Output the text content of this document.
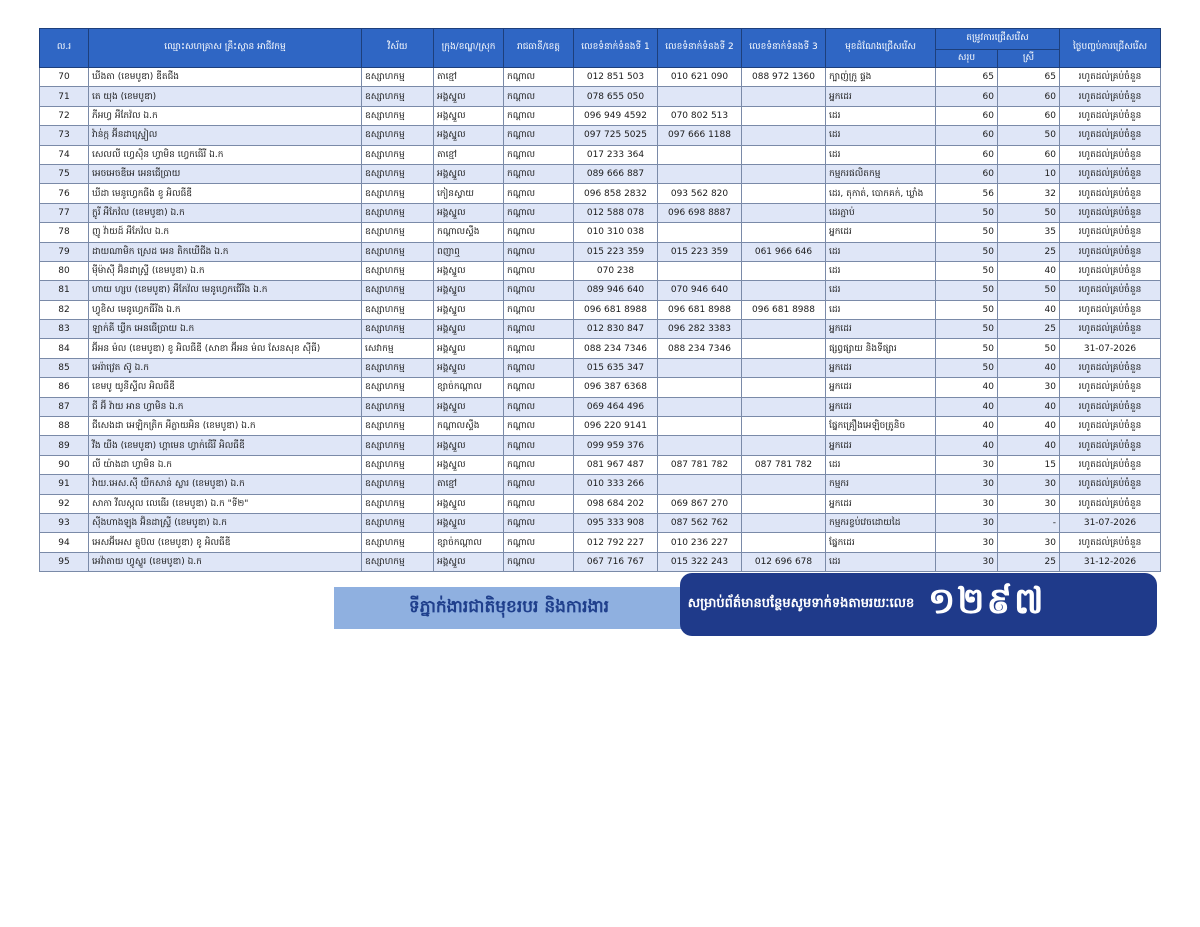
ល.រ	ឈ្មោះសហគ្រាស គ្រឹះស្ថាន អាជីវកម្ម	វិស័យ	ក្រុង/ខណ្ឌ/ស្រុក	រាជធានី/ខេត្ត	លេខទំនាក់ទំនងទី 1	លេខទំនាក់ទំនងទី 2	លេខទំនាក់ទំនងទី 3	មុខដំណែងជ្រើសរើស	តម្រូវការជ្រើសរើស		ថ្ងៃបញ្ចប់ការជ្រើសរើស
									សរុប	ស្រី	
70	ឃីងតា (ខេមបូឌា) ឌីតជីង	ឧស្សាហកម្ម	តាខ្មៅ	កណ្ដាល	012 851 503	010 621 090	088 972 1360	ក្បាញ់ក្រូ ផ្ទង	65	65	រហូតដល់គ្រប់ចំនួន
71	តេ យុង (ខេមបូឌា)	ឧស្សាហកម្ម	អង្គស្នួល	កណ្ដាល	078 655 050			អ្នកដេរ	60	60	រហូតដល់គ្រប់ចំនួន
72	ភីអហ្វ អឹភែវ៉ល ឯ.ក	ឧស្សាហកម្ម	អង្គស្នួល	កណ្ដាល	096 949 4592	070 802 513		ដេរ	60	60	រហូតដល់គ្រប់ចំនួន
73	វ៉ាន់ក្ក អ៊ីនដាស្ទ្រៀល	ឧស្សាហកម្ម	អង្គស្នួល	កណ្ដាល	097 725 5025	097 666 1188		ដេរ	60	50	រហូតដល់គ្រប់ចំនួន
74	សេលលី ហ្វេស៊ិន ហ្វាមិន ហ្វេកធើរី ឯ.ក	ឧស្សាហកម្ម	តាខ្មៅ	កណ្ដាល	017 233 364			ដេរ	60	60	រហូតដល់គ្រប់ចំនួន
75	អេចអេចឌីអេ អេនជើប្រាយ	ឧស្សាហកម្ម	អង្គស្នួល	កណ្ដាល	089 666 887			កម្មករផលិតកម្ម	60	10	រហូតដល់គ្រប់ចំនួន
76	ឃីដា មេនូហ្វេកធីង ខូ អិលធីឌី	ឧស្សាហកម្ម	កៀនស្វាយ	កណ្ដាល	096 858 2832	093 562 820		ដេរ, តុកាត់, បោកគក់, ឃ្លាំង	56	32	រហូតដល់គ្រប់ចំនួន
77	ក្លូរី អឹភែវ៉ល (ខេមបូឌា) ឯ.ក	ឧស្សាហកម្ម	អង្គស្នួល	កណ្ដាល	012 588 078	096 698 8887		ដេរភ្ជាប់	50	50	រហូតដល់គ្រប់ចំនួន
78	ញូ វ៉ាយដ៍ អឹភែវ៉ល ឯ.ក	ឧស្សាហកម្ម	កណ្ដាលស្ទឹង	កណ្ដាល	010 310 038			អ្នកដេរ	50	35	រហូតដល់គ្រប់ចំនួន
79	ដាយណាមិក ស្រេដ អេន តិកឃើជីង ឯ.ក	ឧស្សាហកម្ម	ពញាឮ	កណ្ដាល	015 223 359	015 223 359	061 966 646	ដេរ	50	25	រហូតដល់គ្រប់ចំនួន
80	ម៉ីម៉ាស៊ី អ៊ិនដាស្ទ្រី (ខេមបូឌា) ឯ.ក	ឧស្សាហកម្ម	អង្គស្នួល	កណ្ដាល	070 238			ដេរ	50	40	រហូតដល់គ្រប់ចំនួន
81	ហាយ ហ្សប (ខេមបូឌា) អឹភែវ៉ល មេនូហ្វេកជើរីង ឯ.ក	ឧស្សាហកម្ម	អង្គស្នួល	កណ្ដាល	089 946 640	070 946 640		ដេរ	50	50	រហូតដល់គ្រប់ចំនួន
82	ហ្វូខិស មេនូហ្វេកធីរីង ឯ.ក	ឧស្សាហកម្ម	អង្គស្នួល	កណ្ដាល	096 681 8988	096 681 8988	096 681 8988	ដេរ	50	40	រហូតដល់គ្រប់ចំនួន
83	ឡាក់គី ឃ្វីក អេនធើប្រាយ ឯ.ក	ឧស្សាហកម្ម	អង្គស្នួល	កណ្ដាល	012 830 847	096 282 3383		អ្នកដេរ	50	25	រហូតដល់គ្រប់ចំនួន
84	អ៊ីអន ម៉ល (ខេមបូឌា) ខូ អិលធីឌី (សាខា អ៊ីអន ម៉ល សែនសុខ ស៊ីធី)	សេវាកម្ម	អង្គស្នួល	កណ្ដាល	088 234 7346	088 234 7346		ផ្សព្វផ្សាយ និងទីផ្សារ	50	50	31-07-2026
85	អេរ៉ាវ្រេត ស៊ូ ឯ.ក	ឧស្សាហកម្ម	អង្គស្នួល	កណ្ដាល	015 635 347			អ្នកដេរ	50	40	រហូតដល់គ្រប់ចំនួន
86	ខេមបូ យូនីស្ទីល អិលធីឌី	ឧស្សាហកម្ម	ខ្សាច់កណ្ដាល	កណ្ដាល	096 387 6368			អ្នកដេរ	40	30	រហូតដល់គ្រប់ចំនួន
87	ជី អ៊ី វ៉ាយ អាន ហ្វាមិន ឯ.ក	ឧស្សាហកម្ម	អង្គស្នួល	កណ្ដាល	069 464 496			អ្នកដេរ	40	40	រហូតដល់គ្រប់ចំនួន
88	ជីសេងដា អេឡិកត្រិក អឹភ្លាយអិន (ខេមបូឌា) ឯ.ក	ឧស្សាហកម្ម	កណ្ដាលស្ទឹង	កណ្ដាល	096 220 9141			ផ្នែកគ្រឿងអេឡិចត្រូនិច	40	40	រហូតដល់គ្រប់ចំនួន
89	វីង យីង (ខេមបូឌា) ហ្គាមេន ហ្វាក់ធើរី អិលធីឌី	ឧស្សាហកម្ម	អង្គស្នួល	កណ្ដាល	099 959 376			អ្នកដេរ	40	40	រហូតដល់គ្រប់ចំនួន
90	លី យ៉ាងដា ហ្វាមិន ឯ.ក	ឧស្សាហកម្ម	អង្គស្នួល	កណ្ដាល	081 967 487	087 781 782	087 781 782	ដេរ	30	15	រហូតដល់គ្រប់ចំនួន
91	វ៉ាយ.អេស.ស៊ី យីកសាន់ ស្លារ (ខេមបូឌា) ឯ.ក	ឧស្សាហកម្ម	តាខ្មៅ	កណ្ដាល	010 333 266			កម្មករ	30	30	រហូតដល់គ្រប់ចំនួន
92	សាកា វីលស្កុល លេធើរ (ខេមបូឌា) ឯ.ក "ទី២"	ឧស្សាហកម្ម	អង្គស្នួល	កណ្ដាល	098 684 202	069 867 270		អ្នកដេរ	30	30	រហូតដល់គ្រប់ចំនួន
93	ស៊ីងហាងឡុង អ៊ិនដាស្ទ្រី (ខេមបូឌា) ឯ.ក	ឧស្សាហកម្ម	អង្គស្នួល	កណ្ដាល	095 333 908	087 562 762		កម្មករខ្ចប់វេចដោយដៃ	30	-	31-07-2026
94	អេសអ៊ីអេស គ្លូប៊ល (ខេមបូឌា) ខូ អិលធីឌី	ឧស្សាហកម្ម	ខ្សាច់កណ្ដាល	កណ្ដាល	012 792 227	010 236 227		ផ្នែកដេរ	30	30	រហូតដល់គ្រប់ចំនួន
95	អេវ៉ាតាយ ហ្វូស្ហូរ (ខេមបូឌា) ឯ.ក	ឧស្សាហកម្ម	អង្គស្នួល	កណ្ដាល	067 716 767	015 322 243	012 696 678	ដេរ	30	25	31-12-2026
ទីភ្នាក់ងារជាតិមុខរបរ និងការងារ	សម្រាប់ព័ត៌មានបន្ថែមសូមទាក់ទងតាមរយៈលេខ ១២៩៧
